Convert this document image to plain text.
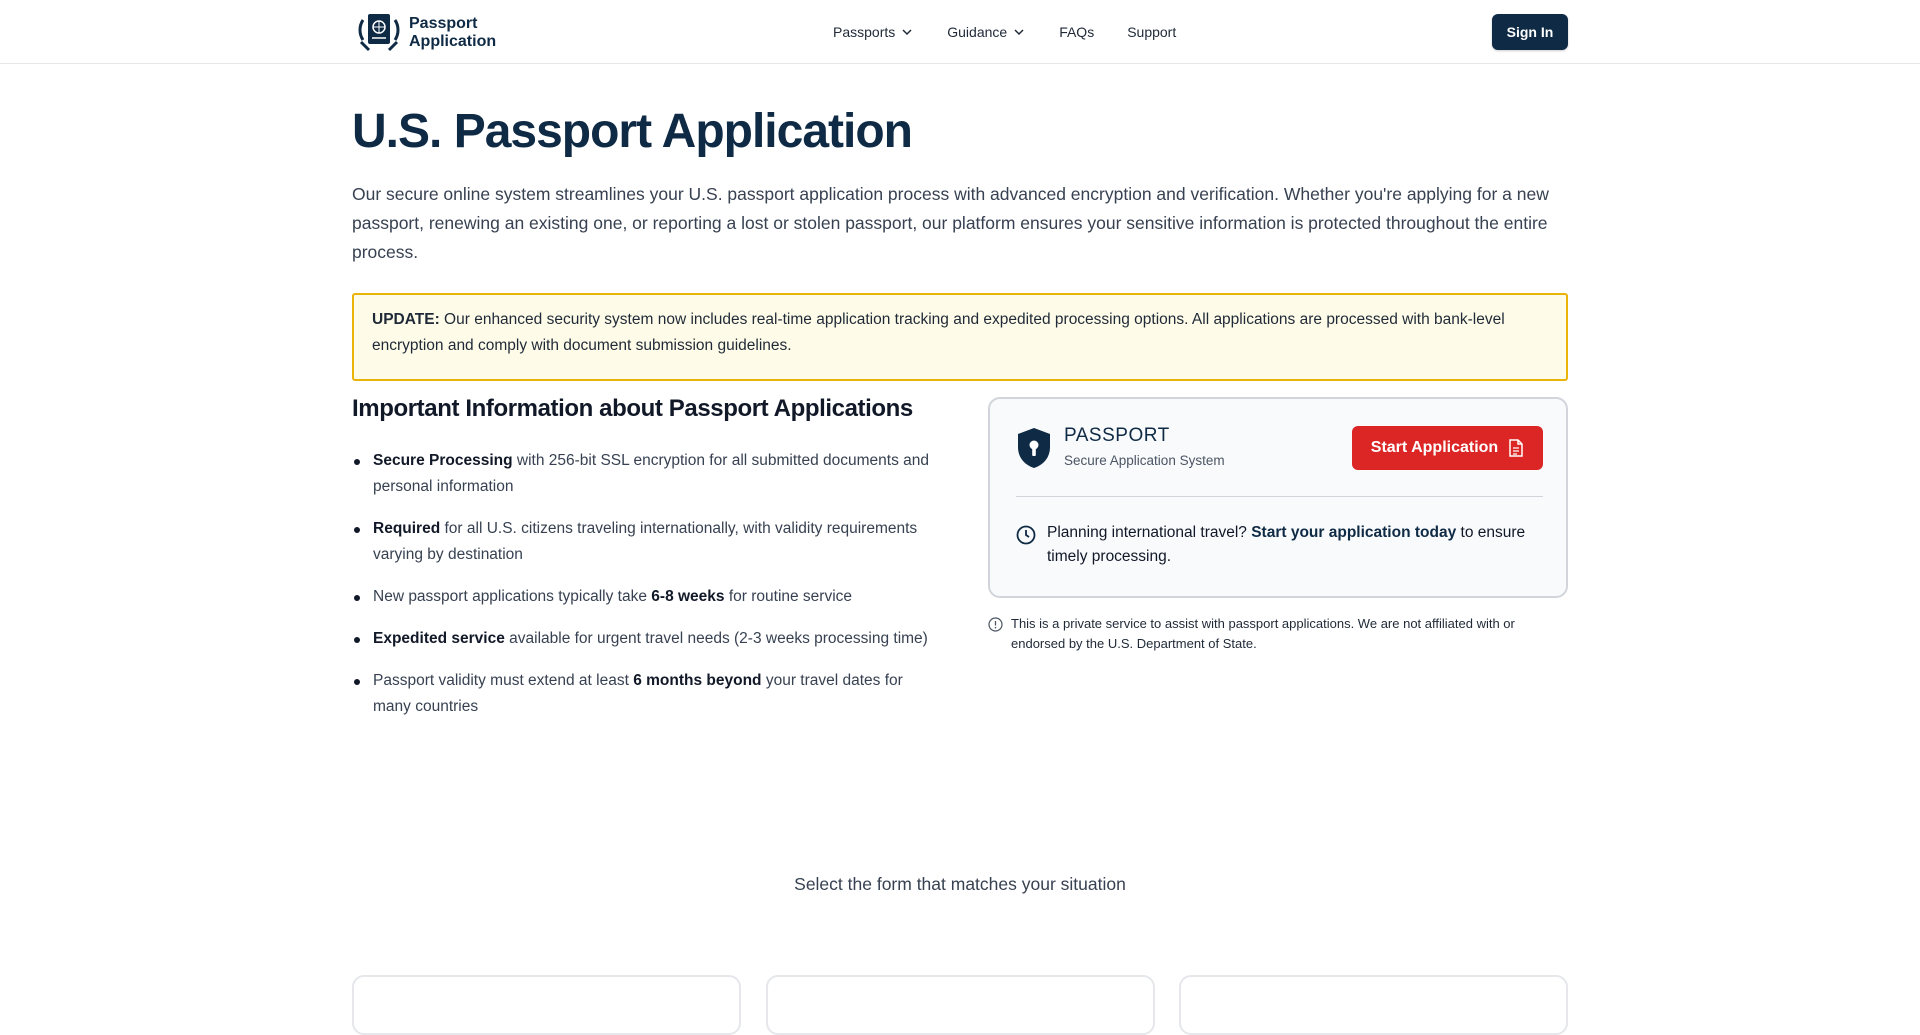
Passport
Application
Passports	Guidance	FAQs Support	Sign In
U.S. Passport Application

Our secure online system streamlines your U.S. passport application process with advanced encryption and verification. Whether you're applying for a new passport, renewing an existing one, or reporting a lost or stolen passport, our platform ensures your sensitive information is protected throughout the entire process.

UPDATE: Our enhanced security system now includes real-time application tracking and expedited processing options. All applications are processed with bank-level encryption and comply with document submission guidelines.
Important Information about Passport Applications
Secure Processing with 256-bit SSL encryption for all submitted documents and personal information
Required for all U.S. citizens traveling internationally, with validity requirements varying by destination
New passport applications typically take 6-8 weeks for routine service
Expedited service available for urgent travel needs (2-3 weeks processing time)
Passport validity must extend at least 6 months beyond your travel dates for many countries
PASSPORT
Secure Application System
Start Application
Planning international travel? Start your application today to ensure timely processing.
This is a private service to assist with passport applications. We are not affiliated with or endorsed by the U.S. Department of State.
Select the form that matches your situation
